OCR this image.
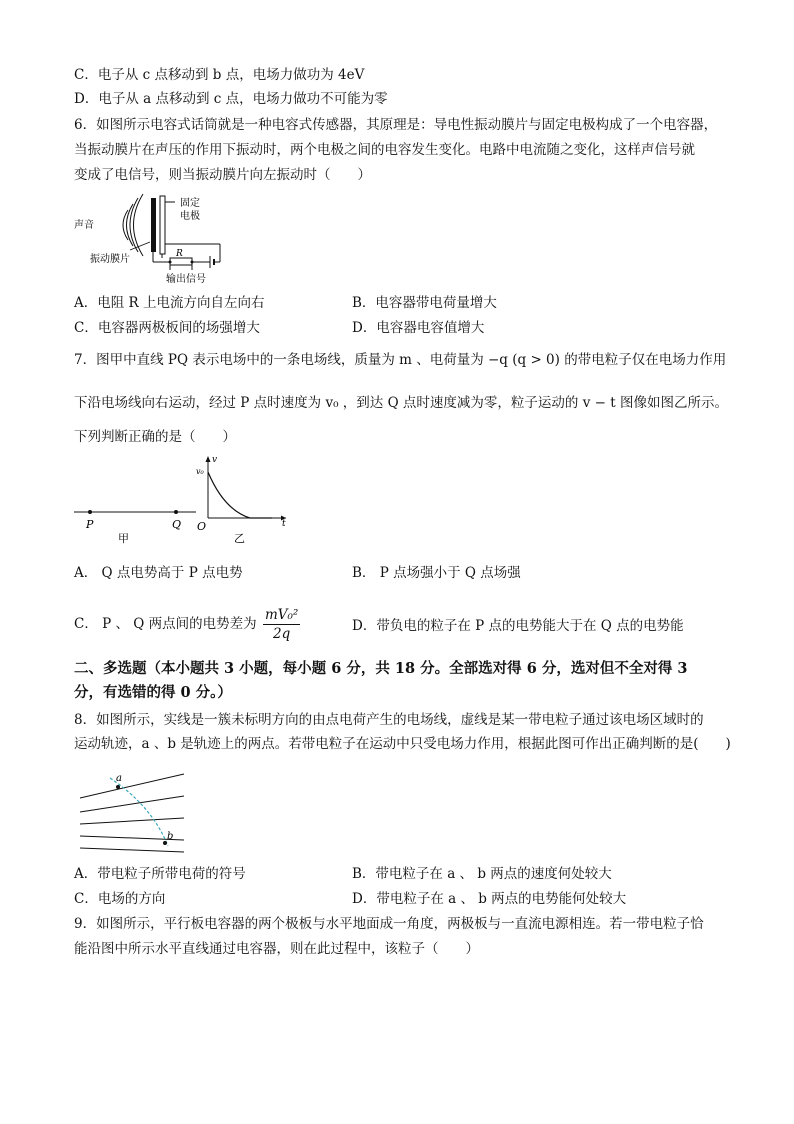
C．电子从 c 点移动到 b 点，电场力做功为 4eV
D．电子从 a 点移动到 c 点，电场力做功不可能为零
6．如图所示电容式话筒就是一种电容式传感器，其原理是：导电性振动膜片与固定电极构成了一个电容器，
当振动膜片在声压的作用下振动时，两个电极之间的电容发生变化。电路中电流随之变化，这样声信号就
变成了电信号，则当振动膜片向左振动时（　　）
声音
固定
电极
R
振动膜片
输出信号
A．电阻 R 上电流方向自左向右	B．电容器带电荷量增大
C．电容器两极板间的场强增大	D．电容器电容值增大
7．图甲中直线 PQ 表示电场中的一条电场线，质量为 m 、电荷量为 −q (q > 0) 的带电粒子仅在电场力作用
下沿电场线向右运动，经过 P 点时速度为 v₀ ，到达 Q 点时速度减为零，粒子运动的 v − t 图像如图乙所示。
下列判断正确的是（　　）
P	Q
甲
v
v₀
O	t
乙
A． Q 点电势高于 P 点电势	B． P 点场强小于 Q 点场强
C． P 、 Q 两点间的电势差为 $\frac{\text{mV₀²}}{2q}$	D．带负电的粒子在 P 点的电势能大于在 Q 点的电势能
二、多选题（本小题共 3 小题，每小题 6 分，共 18 分。全部选对得 6 分，选对但不全对得 3
分，有选错的得 0 分。）
8．如图所示，实线是一簇未标明方向的由点电荷产生的电场线，虚线是某一带电粒子通过该电场区域时的
运动轨迹，a 、b 是轨迹上的两点。若带电粒子在运动中只受电场力作用，根据此图可作出正确判断的是(　　)
a
b
A．带电粒子所带电荷的符号	B．带电粒子在 a 、 b 两点的速度何处较大
C．电场的方向	D．带电粒子在 a 、 b 两点的电势能何处较大
9．如图所示，平行板电容器的两个极板与水平地面成一角度，两极板与一直流电源相连。若一带电粒子恰
能沿图中所示水平直线通过电容器，则在此过程中，该粒子（　　）
